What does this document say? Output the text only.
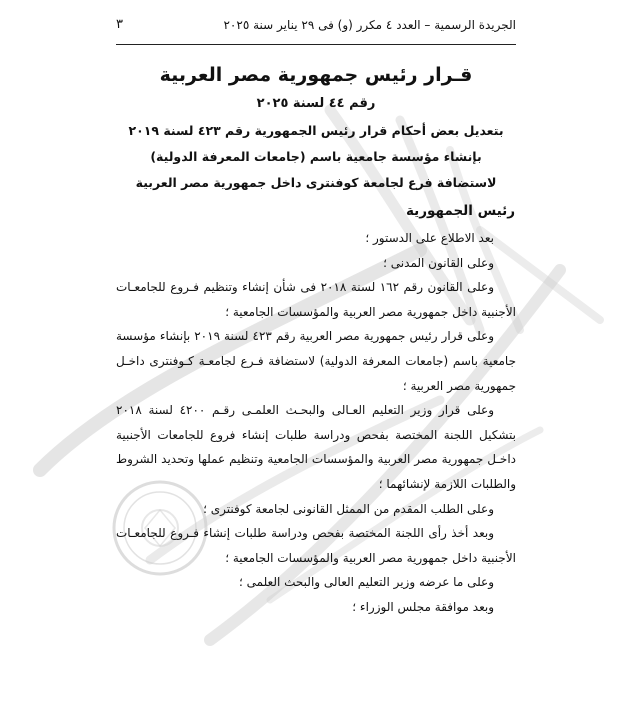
الجريدة الرسمية – العدد ٤ مكرر (و) فى ٢٩ يناير سنة ٢٠٢٥
٣
قـرار رئيس جمهورية مصر العربية
رقم ٤٤ لسنة ٢٠٢٥
بتعديل بعض أحكام قرار رئيس الجمهورية رقم ٤٢٣ لسنة ٢٠١٩
بإنشاء مؤسسة جامعية باسم (جامعات المعرفة الدولية)
لاستضافة فرع لجامعة كوفنترى داخل جمهورية مصر العربية
رئيس الجمهورية

بعد الاطلاع على الدستور ؛

وعلى القانون المدنى ؛

وعلى القانون رقم ١٦٢ لسنة ٢٠١٨ فى شأن إنشاء وتنظيم فـروع للجامعـات الأجنبية داخل جمهورية مصر العربية والمؤسسات الجامعية ؛

وعلى قرار رئيس جمهورية مصر العربية رقم ٤٢٣ لسنة ٢٠١٩ بإنشاء مؤسسة جامعية باسم (جامعات المعرفة الدولية) لاستضافة فـرع لجامعـة كـوفنترى داخـل جمهورية مصر العربية ؛

وعلى قرار وزير التعليم العـالى والبحـث العلمـى رقـم ٤٢٠٠ لسنة ٢٠١٨ بتشكيل اللجنة المختصة بفحص ودراسة طلبات إنشاء فروع للجامعات الأجنبية داخـل جمهورية مصر العربية والمؤسسات الجامعية وتنظيم عملها وتحديد الشروط والطلبات اللازمة لإنشائهما ؛

وعلى الطلب المقدم من الممثل القانونى لجامعة كوفنترى ؛

وبعد أخذ رأى اللجنة المختصة بفحص ودراسة طلبات إنشاء فـروع للجامعـات الأجنبية داخل جمهورية مصر العربية والمؤسسات الجامعية ؛

وعلى ما عرضه وزير التعليم العالى والبحث العلمى ؛

وبعد موافقة مجلس الوزراء ؛
